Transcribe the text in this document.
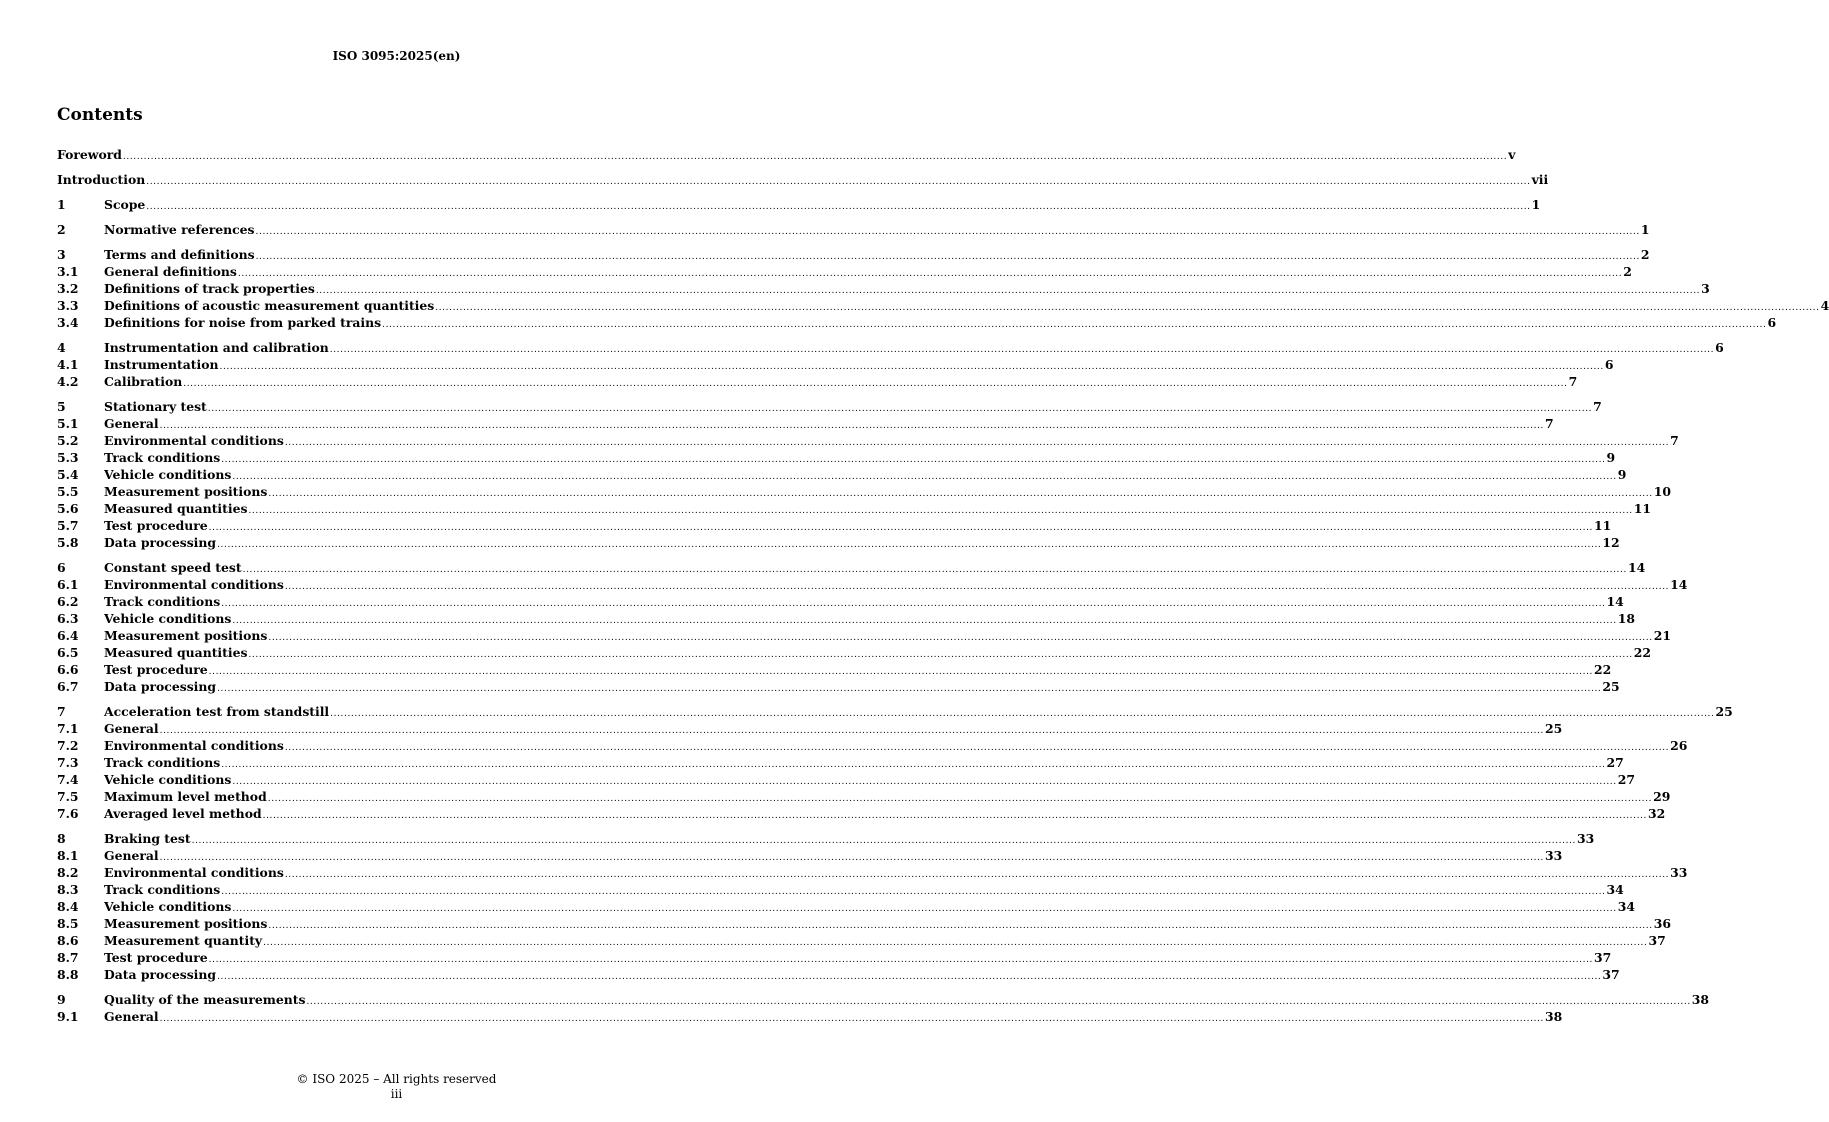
ISO 3095:2025(en)
Contents
Foreword ................................................................................................................................................................................................................................................................................................................................................................................................................ v
Introduction ................................................................................................................................................................................................................................................................................................................................................................................................................ vii
1	Scope ................................................................................................................................................................................................................................................................................................................................................................................................................ 1
2	Normative references ................................................................................................................................................................................................................................................................................................................................................................................................................ 1
3	Terms and definitions ................................................................................................................................................................................................................................................................................................................................................................................................................ 2
3.1 General definitions ................................................................................................................................................................................................................................................................................................................................................................................................................ 2
3.2 Definitions of track properties ................................................................................................................................................................................................................................................................................................................................................................................................................ 3
3.3 Definitions of acoustic measurement quantities ................................................................................................................................................................................................................................................................................................................................................................................................................ 4
3.4 Definitions for noise from parked trains ................................................................................................................................................................................................................................................................................................................................................................................................................ 6
4	Instrumentation and calibration ................................................................................................................................................................................................................................................................................................................................................................................................................ 6
4.1 Instrumentation ................................................................................................................................................................................................................................................................................................................................................................................................................ 6
4.2 Calibration ................................................................................................................................................................................................................................................................................................................................................................................................................ 7
5	Stationary test ................................................................................................................................................................................................................................................................................................................................................................................................................ 7
5.1 General ................................................................................................................................................................................................................................................................................................................................................................................................................ 7
5.2 Environmental conditions ................................................................................................................................................................................................................................................................................................................................................................................................................ 7
5.3 Track conditions ................................................................................................................................................................................................................................................................................................................................................................................................................ 9
5.4 Vehicle conditions ................................................................................................................................................................................................................................................................................................................................................................................................................ 9
5.5 Measurement positions ................................................................................................................................................................................................................................................................................................................................................................................................................ 10
5.6 Measured quantities ................................................................................................................................................................................................................................................................................................................................................................................................................ 11
5.7 Test procedure ................................................................................................................................................................................................................................................................................................................................................................................................................ 11
5.8 Data processing ................................................................................................................................................................................................................................................................................................................................................................................................................ 12
6	Constant speed test ................................................................................................................................................................................................................................................................................................................................................................................................................ 14
6.1 Environmental conditions ................................................................................................................................................................................................................................................................................................................................................................................................................ 14
6.2 Track conditions ................................................................................................................................................................................................................................................................................................................................................................................................................ 14
6.3 Vehicle conditions ................................................................................................................................................................................................................................................................................................................................................................................................................ 18
6.4 Measurement positions ................................................................................................................................................................................................................................................................................................................................................................................................................ 21
6.5 Measured quantities ................................................................................................................................................................................................................................................................................................................................................................................................................ 22
6.6 Test procedure ................................................................................................................................................................................................................................................................................................................................................................................................................ 22
6.7 Data processing ................................................................................................................................................................................................................................................................................................................................................................................................................ 25
7	Acceleration test from standstill ................................................................................................................................................................................................................................................................................................................................................................................................................ 25
7.1 General ................................................................................................................................................................................................................................................................................................................................................................................................................ 25
7.2 Environmental conditions ................................................................................................................................................................................................................................................................................................................................................................................................................ 26
7.3 Track conditions ................................................................................................................................................................................................................................................................................................................................................................................................................ 27
7.4 Vehicle conditions ................................................................................................................................................................................................................................................................................................................................................................................................................ 27
7.5 Maximum level method ................................................................................................................................................................................................................................................................................................................................................................................................................ 29
7.6 Averaged level method ................................................................................................................................................................................................................................................................................................................................................................................................................ 32
8	Braking test ................................................................................................................................................................................................................................................................................................................................................................................................................ 33
8.1 General ................................................................................................................................................................................................................................................................................................................................................................................................................ 33
8.2 Environmental conditions ................................................................................................................................................................................................................................................................................................................................................................................................................ 33
8.3 Track conditions ................................................................................................................................................................................................................................................................................................................................................................................................................ 34
8.4 Vehicle conditions ................................................................................................................................................................................................................................................................................................................................................................................................................ 34
8.5 Measurement positions ................................................................................................................................................................................................................................................................................................................................................................................................................ 36
8.6 Measurement quantity ................................................................................................................................................................................................................................................................................................................................................................................................................ 37
8.7 Test procedure ................................................................................................................................................................................................................................................................................................................................................................................................................ 37
8.8 Data processing ................................................................................................................................................................................................................................................................................................................................................................................................................ 37
9	Quality of the measurements ................................................................................................................................................................................................................................................................................................................................................................................................................ 38
9.1 General ................................................................................................................................................................................................................................................................................................................................................................................................................ 38
© ISO 2025 – All rights reserved
iii
